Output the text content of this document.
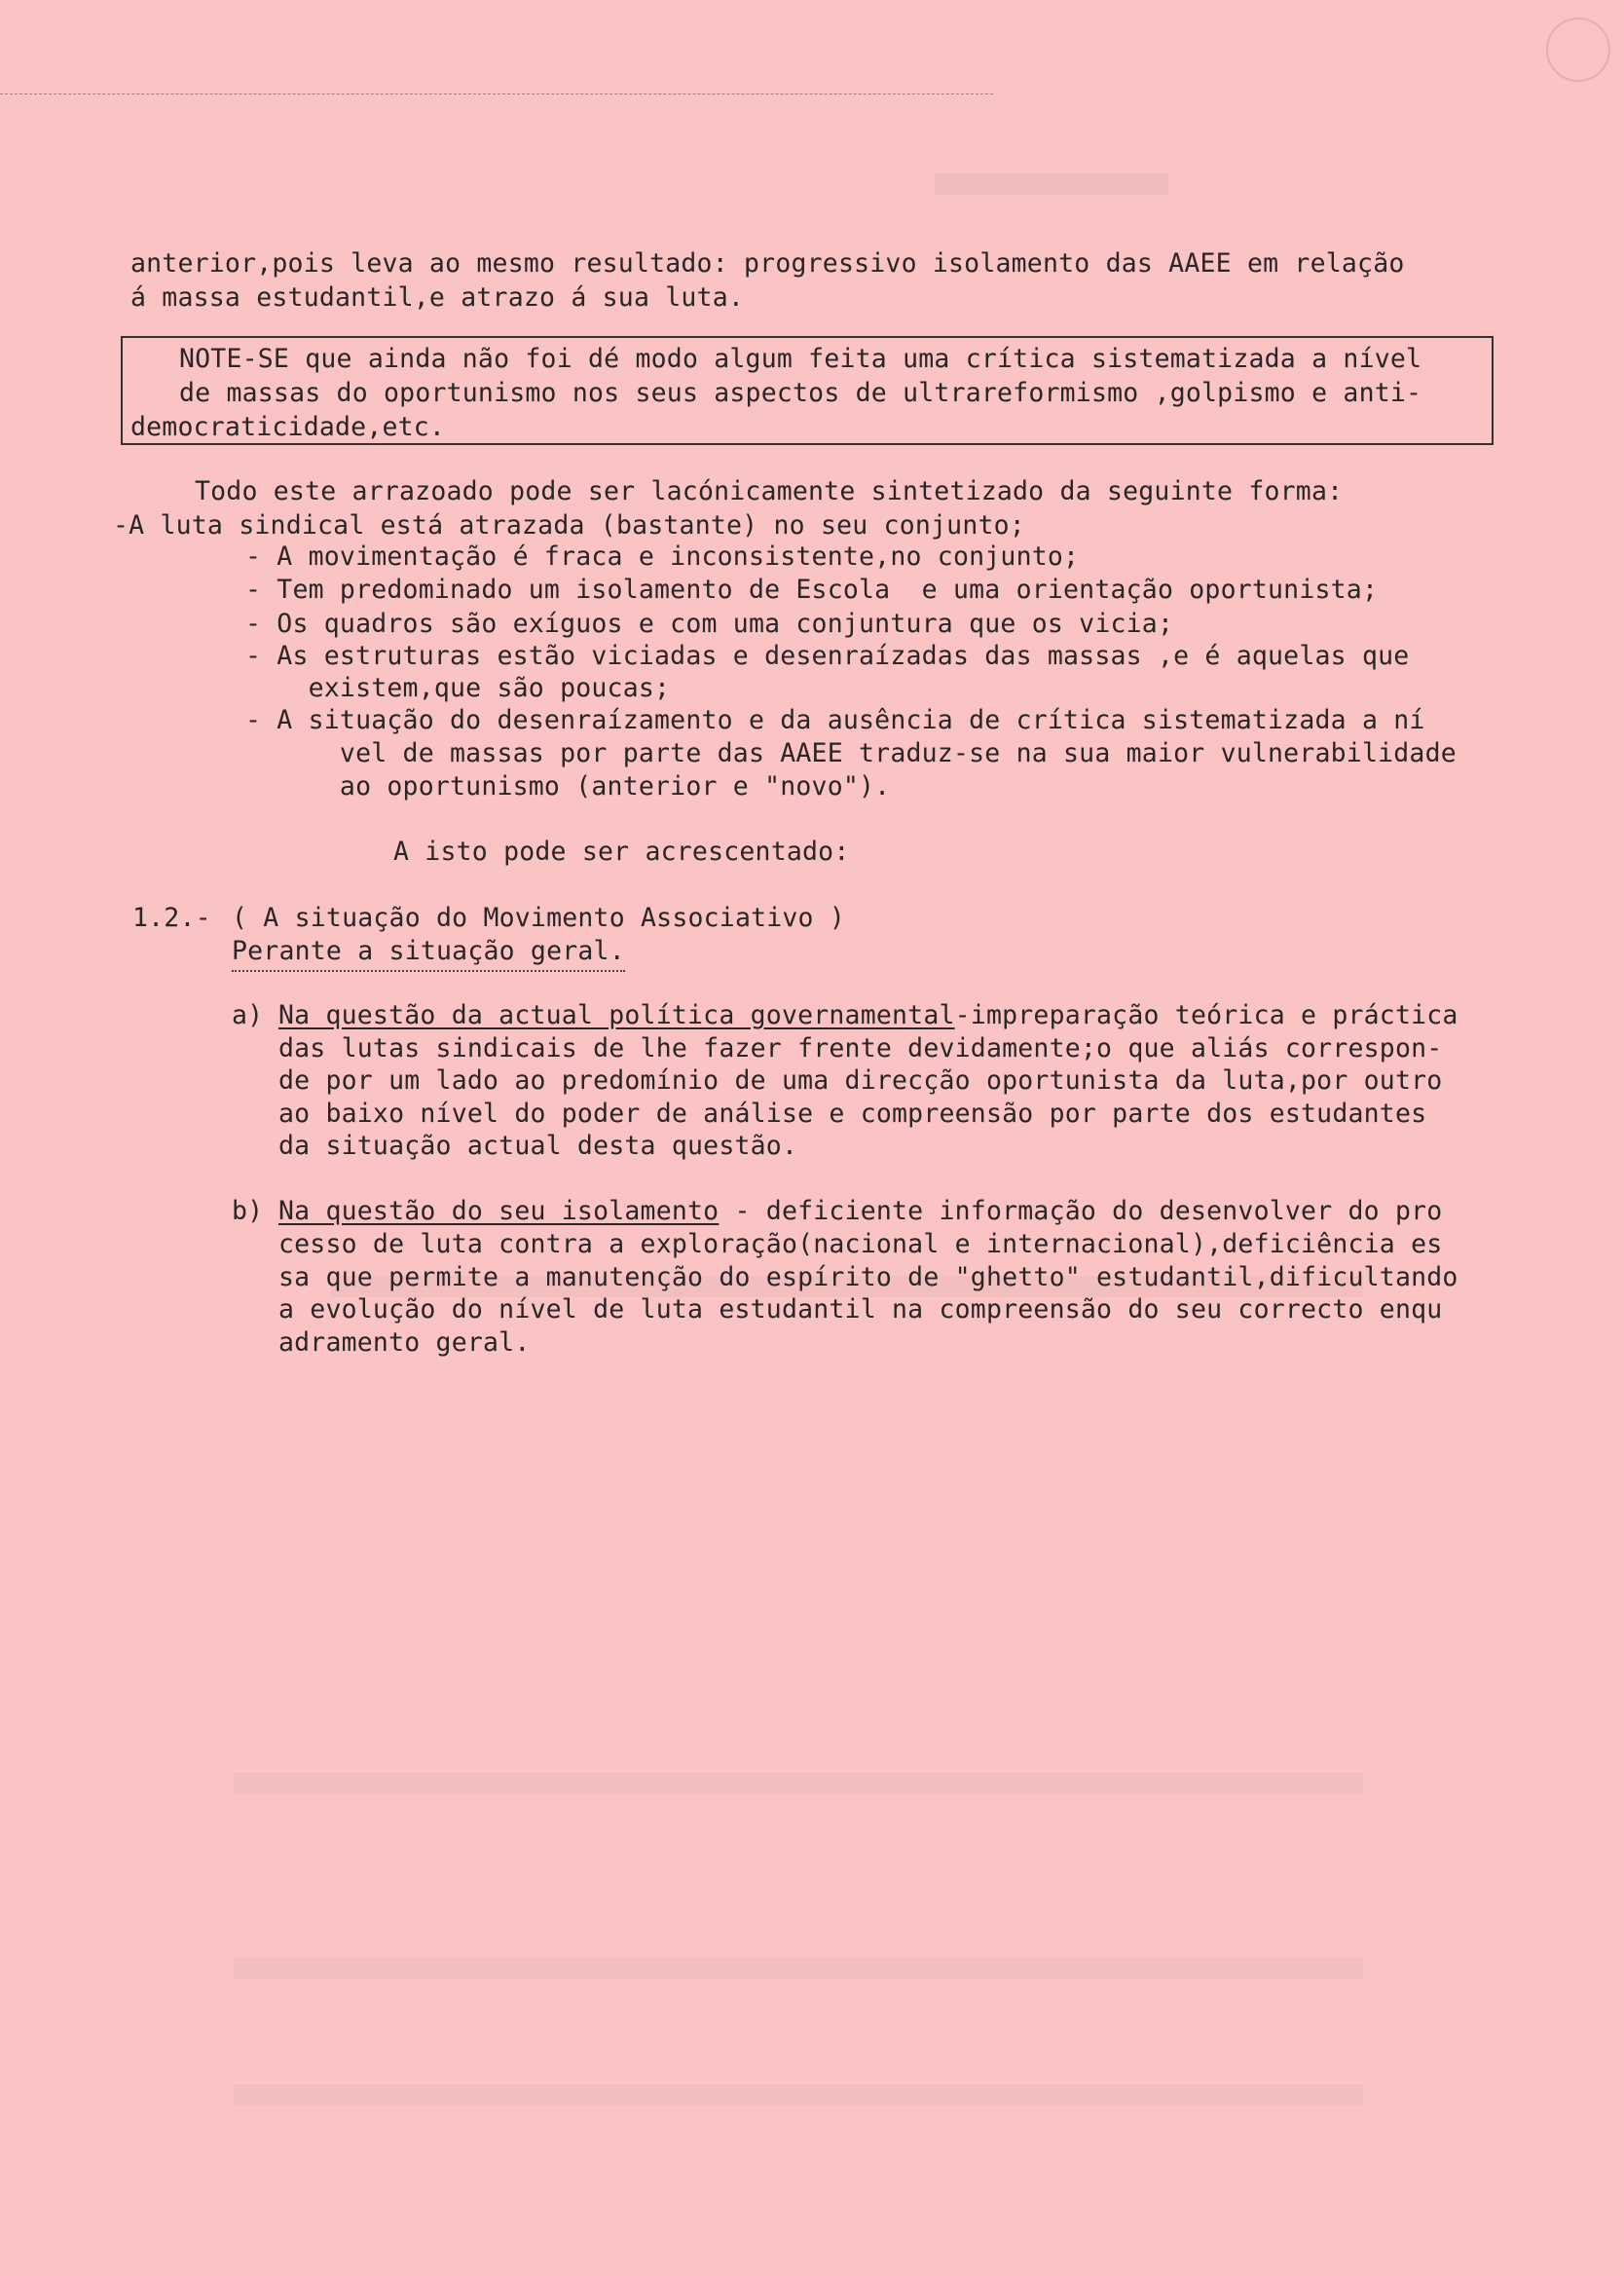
anterior,pois leva ao mesmo resultado: progressivo isolamento das AAEE em relação
á massa estudantil,e atrazo á sua luta.
NOTE-SE que ainda não foi dé modo algum feita uma crítica sistematizada a nível
de massas do oportunismo nos seus aspectos de ultrareformismo ,golpismo e anti-
democraticidade,etc.
Todo este arrazoado pode ser lacónicamente sintetizado da seguinte forma:
-A luta sindical está atrazada (bastante) no seu conjunto;
- A movimentação é fraca e inconsistente,no conjunto;
- Tem predominado um isolamento de Escola  e uma orientação oportunista;
- Os quadros são exíguos e com uma conjuntura que os vicia;
- As estruturas estão viciadas e desenraízadas das massas ,e é aquelas que
existem,que são poucas;
- A situação do desenraízamento e da ausência de crítica sistematizada a ní
vel de massas por parte das AAEE traduz-se na sua maior vulnerabilidade
ao oportunismo (anterior e "novo").
A isto pode ser acrescentado:
1.2.- ( A situação do Movimento Associativo )
Perante a situação geral.
a) Na questão da actual política governamental-impreparação teórica e práctica
das lutas sindicais de lhe fazer frente devidamente;o que aliás correspon-
de por um lado ao predomínio de uma direcção oportunista da luta,por outro
ao baixo nível do poder de análise e compreensão por parte dos estudantes
da situação actual desta questão.
b) Na questão do seu isolamento - deficiente informação do desenvolver do pro
cesso de luta contra a exploração(nacional e internacional),deficiência es
sa que permite a manutenção do espírito de "ghetto" estudantil,dificultando
a evolução do nível de luta estudantil na compreensão do seu correcto enqu
adramento geral.
